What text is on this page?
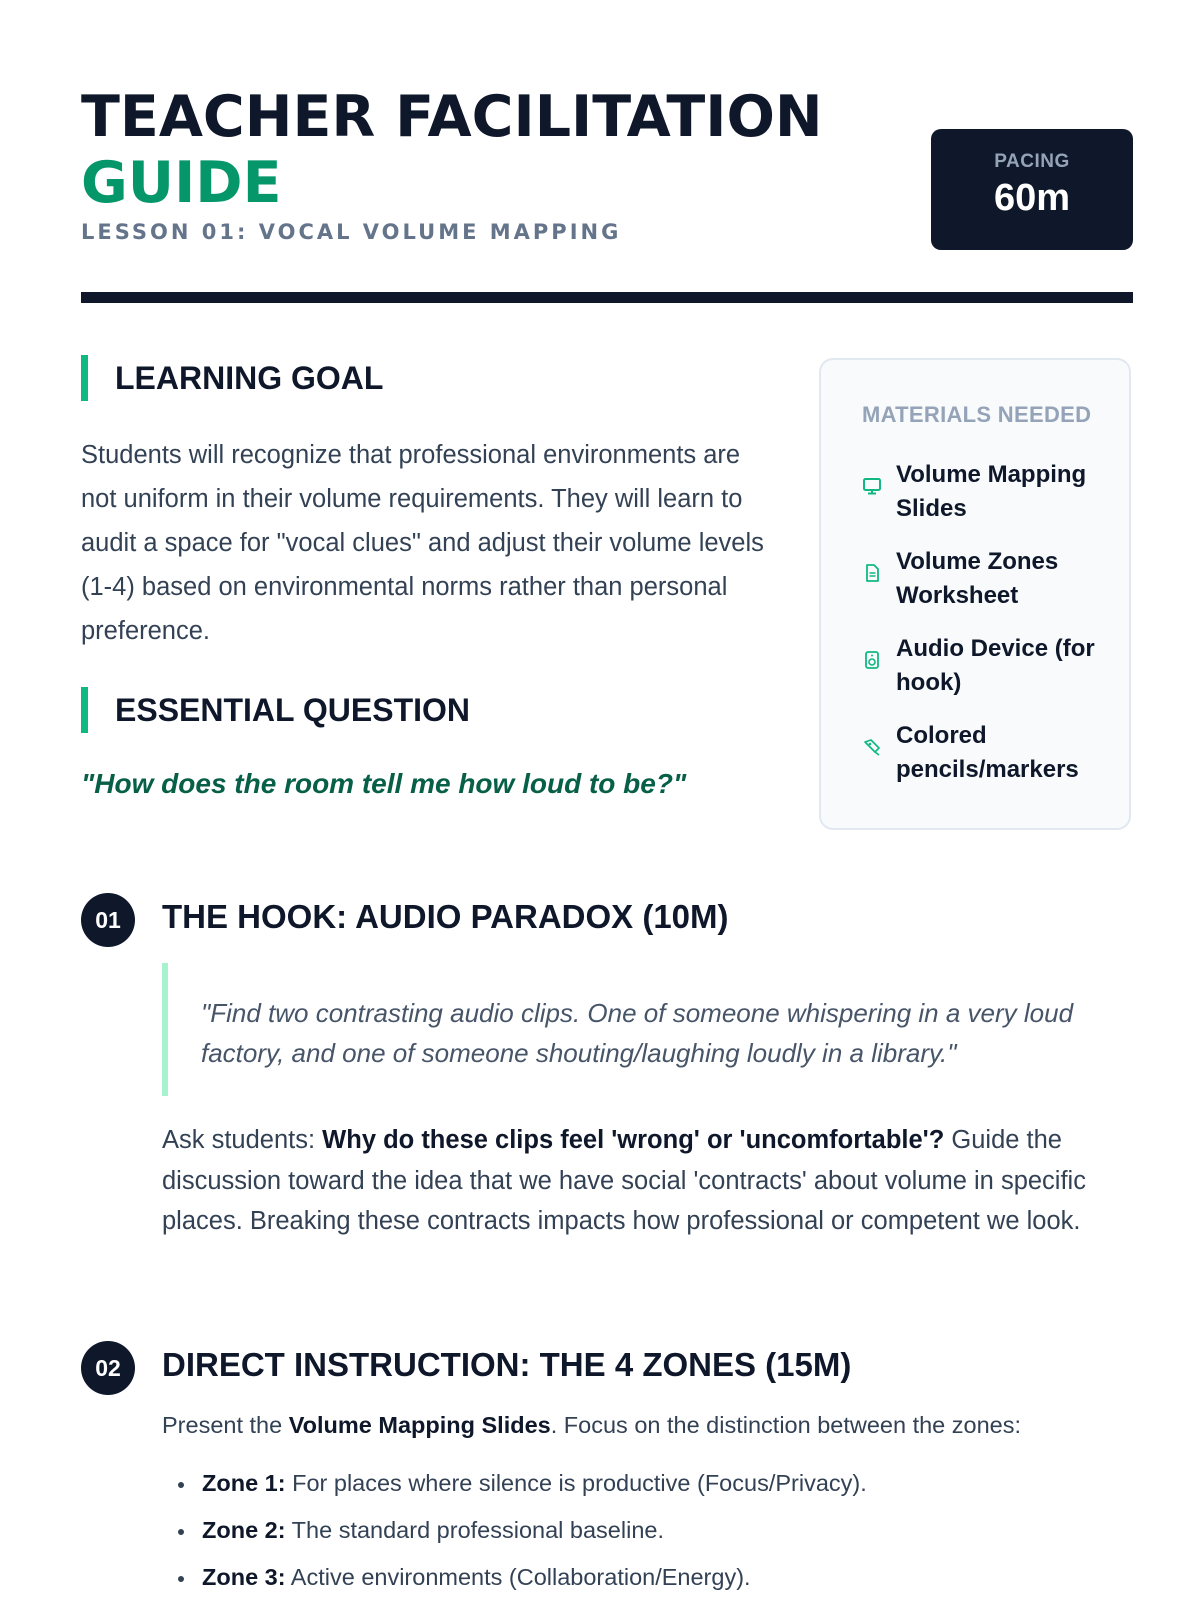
TEACHER FACILITATION
GUIDE
LESSON 01: VOCAL VOLUME MAPPING
PACING
60m
LEARNING GOAL
Students will recognize that professional environments are not uniform in their volume requirements. They will learn to audit a space for "vocal clues" and adjust their volume levels (1-4) based on environmental norms rather than personal preference.
ESSENTIAL QUESTION
"How does the room tell me how loud to be?"
MATERIALS NEEDED
Volume Mapping Slides
Volume Zones Worksheet
Audio Device (for hook)
Colored pencils/markers
01	THE HOOK: AUDIO PARADOX (10M)
"Find two contrasting audio clips. One of someone whispering in a very loud factory, and one of someone shouting/laughing loudly in a library."
Ask students: Why do these clips feel 'wrong' or 'uncomfortable'? Guide the discussion toward the idea that we have social 'contracts' about volume in specific places. Breaking these contracts impacts how professional or competent we look.
02	DIRECT INSTRUCTION: THE 4 ZONES (15M)
Present the Volume Mapping Slides. Focus on the distinction between the zones:
Zone 1: For places where silence is productive (Focus/Privacy).
Zone 2: The standard professional baseline.
Zone 3: Active environments (Collaboration/Energy).
